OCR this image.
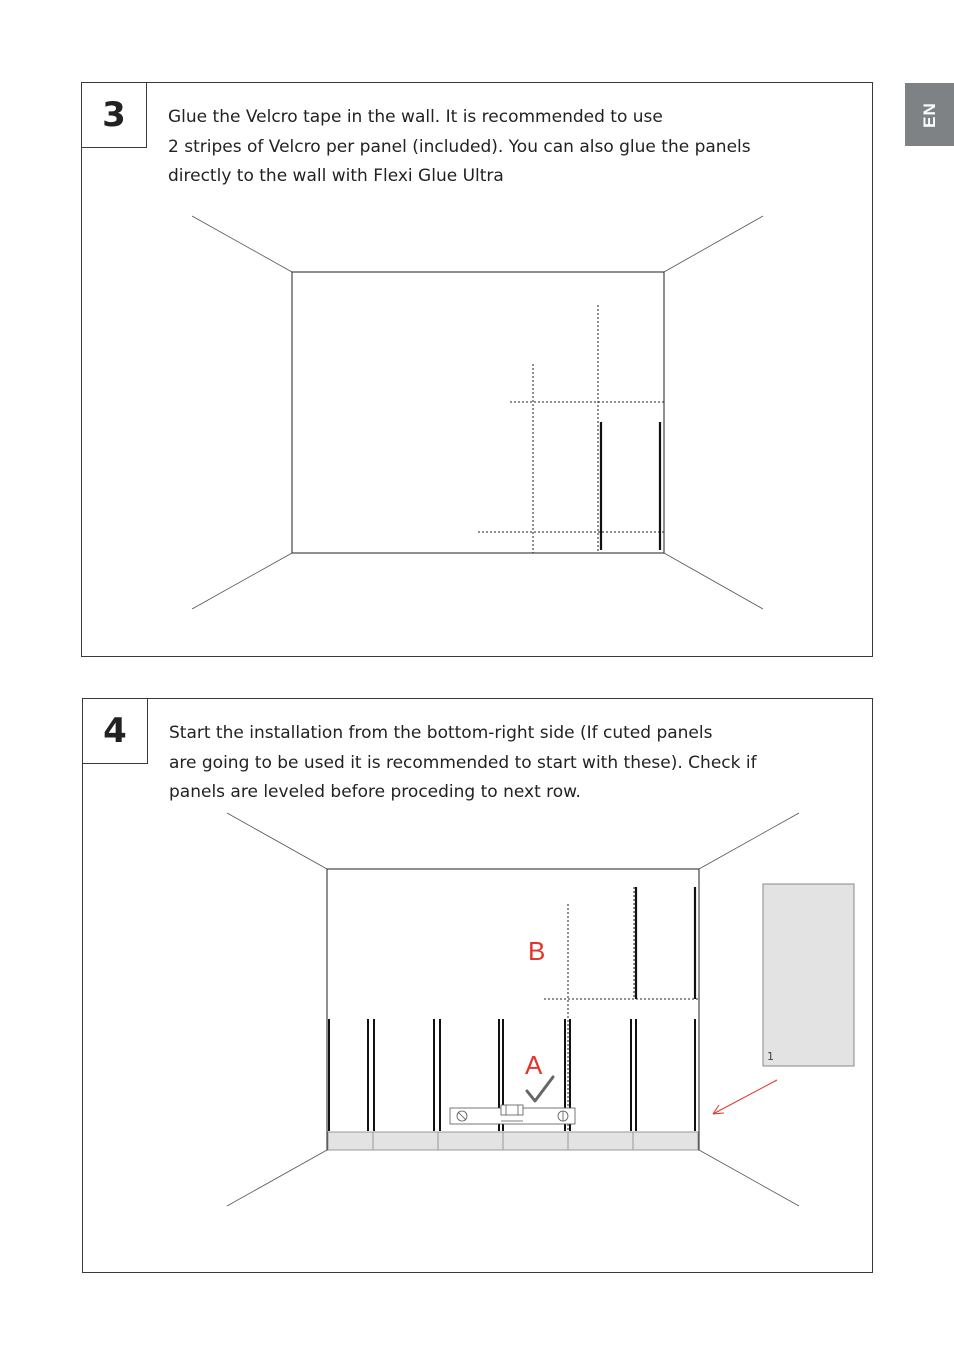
EN
3	Glue the Velcro tape in the wall. It is recommended to use
2 stripes of Velcro per panel (included). You can also glue the panels
directly to the wall with Flexi Glue Ultra

4	Start the installation from the bottom-right side (If cuted panels
are going to be used it is recommended to start with these). Check if
panels are leveled before proceding to next row.

B
A	1
